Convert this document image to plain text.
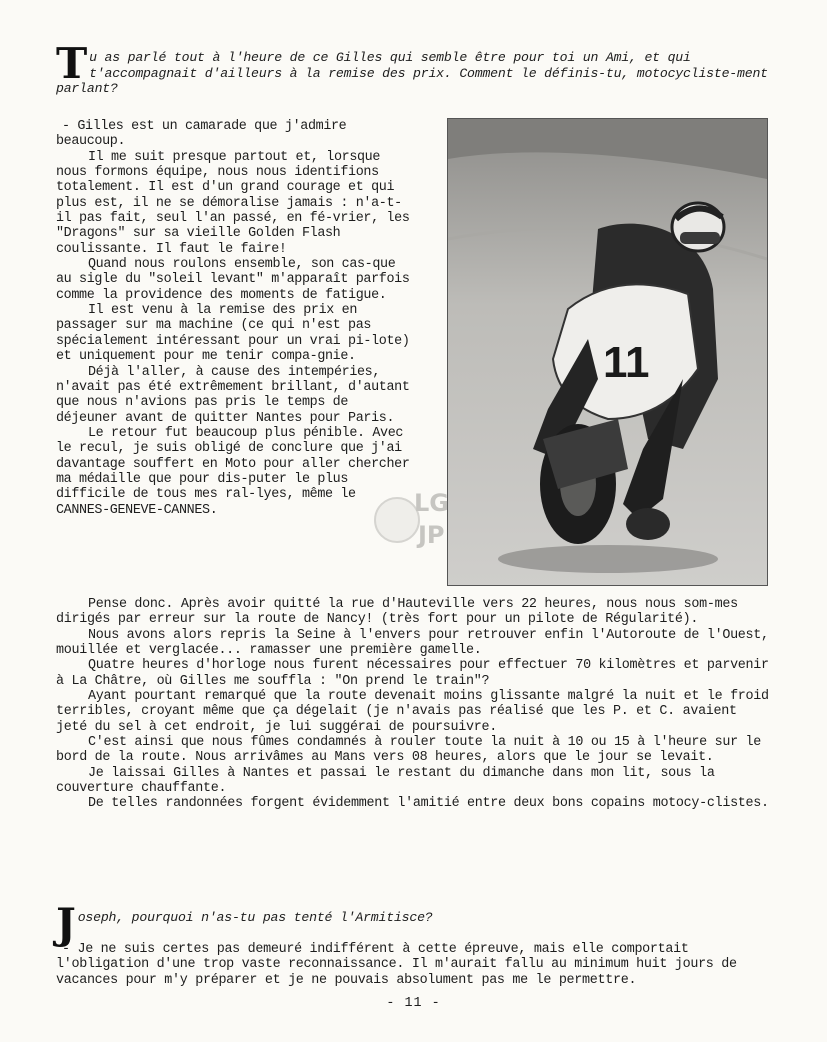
T u as parlé tout à l'heure de ce Gilles qui semble être pour toi un Ami, et qui t'accompagnait d'ailleurs à la remise des prix. Comment le définis-tu, motocycliste-ment parlant?

- Gilles est un camarade que j'admire beaucoup.

Il me suit presque partout et, lorsque nous formons équipe, nous nous identifions totalement. Il est d'un grand courage et qui plus est, il ne se démoralise jamais : n'a-t-il pas fait, seul l'an passé, en fé-vrier, les "Dragons" sur sa vieille Golden Flash coulissante. Il faut le faire!

Quand nous roulons ensemble, son cas-que au sigle du "soleil levant" m'apparaît parfois comme la providence des moments de fatigue.

Il est venu à la remise des prix en passager sur ma machine (ce qui n'est pas spécialement intéressant pour un vrai pi-lote) et uniquement pour me tenir compa-gnie.

Déjà l'aller, à cause des intempéries, n'avait pas été extrêmement brillant, d'autant que nous n'avions pas pris le temps de déjeuner avant de quitter Nantes pour Paris.

Le retour fut beaucoup plus pénible. Avec le recul, je suis obligé de conclure que j'ai davantage souffert en Moto pour aller chercher ma médaille que pour dis-puter le plus difficile de tous mes ral-lyes, même le CANNES-GENEVE-CANNES.

11
LG
JP

Pense donc. Après avoir quitté la rue d'Hauteville vers 22 heures, nous nous som-mes dirigés par erreur sur la route de Nancy! (très fort pour un pilote de Régularité).

Nous avons alors repris la Seine à l'envers pour retrouver enfin l'Autoroute de l'Ouest, mouillée et verglacée... ramasser une première gamelle.

Quatre heures d'horloge nous furent nécessaires pour effectuer 70 kilomètres et parvenir à La Châtre, où Gilles me souffla : "On prend le train"?

Ayant pourtant remarqué que la route devenait moins glissante malgré la nuit et le froid terribles, croyant même que ça dégelait (je n'avais pas réalisé que les P. et C. avaient jeté du sel à cet endroit, je lui suggérai de poursuivre.

C'est ainsi que nous fûmes condamnés à rouler toute la nuit à 10 ou 15 à l'heure sur le bord de la route. Nous arrivâmes au Mans vers 08 heures, alors que le jour se levait.

Je laissai Gilles à Nantes et passai le restant du dimanche dans mon lit, sous la couverture chauffante.

De telles randonnées forgent évidemment l'amitié entre deux bons copains motocy-clistes.

J oseph, pourquoi n'as-tu pas tenté l'Armitisce?

- Je ne suis certes pas demeuré indifférent à cette épreuve, mais elle comportait l'obligation d'une trop vaste reconnaissance. Il m'aurait fallu au minimum huit jours de vacances pour m'y préparer et je ne pouvais absolument pas me le permettre.

- 11 -
